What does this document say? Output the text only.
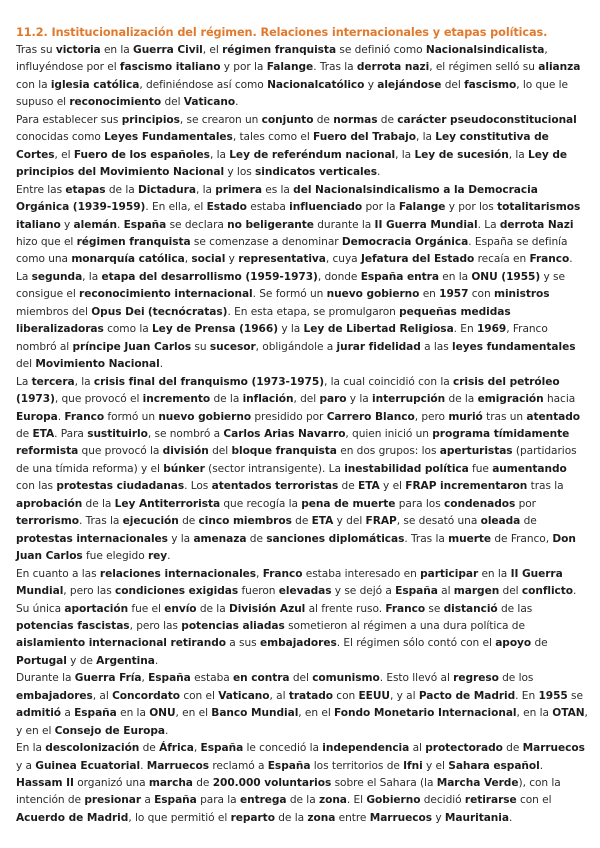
11.2. Institucionalización del régimen. Relaciones internacionales y etapas políticas.

Tras su victoria en la Guerra Civil, el régimen franquista se definió como Nacionalsindicalista, influyéndose por el fascismo italiano y por la Falange. Tras la derrota nazi, el régimen selló su alianza con la iglesia católica, definiéndose así como Nacionalcatólico y alejándose del fascismo, lo que le supuso el reconocimiento del Vaticano.

Para establecer sus principios, se crearon un conjunto de normas de carácter pseudoconstitucional conocidas como Leyes Fundamentales, tales como el Fuero del Trabajo, la Ley constitutiva de Cortes, el Fuero de los españoles, la Ley de referéndum nacional, la Ley de sucesión, la Ley de principios del Movimiento Nacional y los sindicatos verticales.

Entre las etapas de la Dictadura, la primera es la del Nacionalsindicalismo a la Democracia Orgánica (1939-1959). En ella, el Estado estaba influenciado por la Falange y por los totalitarismos italiano y alemán. España se declara no beligerante durante la II Guerra Mundial. La derrota Nazi hizo que el régimen franquista se comenzase a denominar Democracia Orgánica. España se definía como una monarquía católica, social y representativa, cuya Jefatura del Estado recaía en Franco.

La segunda, la etapa del desarrollismo (1959-1973), donde España entra en la ONU (1955) y se consigue el reconocimiento internacional. Se formó un nuevo gobierno en 1957 con ministros miembros del Opus Dei (tecnócratas). En esta etapa, se promulgaron pequeñas medidas liberalizadoras como la Ley de Prensa (1966) y la Ley de Libertad Religiosa. En 1969, Franco nombró al príncipe Juan Carlos su sucesor, obligándole a jurar fidelidad a las leyes fundamentales del Movimiento Nacional.

La tercera, la crisis final del franquismo (1973-1975), la cual coincidió con la crisis del petróleo (1973), que provocó el incremento de la inflación, del paro y la interrupción de la emigración hacia Europa. Franco formó un nuevo gobierno presidido por Carrero Blanco, pero murió tras un atentado de ETA. Para sustituirlo, se nombró a Carlos Arias Navarro, quien inició un programa tímidamente reformista que provocó la división del bloque franquista en dos grupos: los aperturistas (partidarios de una tímida reforma) y el búnker (sector intransigente). La inestabilidad política fue aumentando con las protestas ciudadanas. Los atentados terroristas de ETA y el FRAP incrementaron tras la aprobación de la Ley Antiterrorista que recogía la pena de muerte para los condenados por terrorismo. Tras la ejecución de cinco miembros de ETA y del FRAP, se desató una oleada de protestas internacionales y la amenaza de sanciones diplomáticas. Tras la muerte de Franco, Don Juan Carlos fue elegido rey.

En cuanto a las relaciones internacionales, Franco estaba interesado en participar en la II Guerra Mundial, pero las condiciones exigidas fueron elevadas y se dejó a España al margen del conflicto. Su única aportación fue el envío de la División Azul al frente ruso. Franco se distanció de las potencias fascistas, pero las potencias aliadas sometieron al régimen a una dura política de aislamiento internacional retirando a sus embajadores. El régimen sólo contó con el apoyo de Portugal y de Argentina.

Durante la Guerra Fría, España estaba en contra del comunismo. Esto llevó al regreso de los embajadores, al Concordato con el Vaticano, al tratado con EEUU, y al Pacto de Madrid. En 1955 se admitió a España en la ONU, en el Banco Mundial, en el Fondo Monetario Internacional, en la OTAN, y en el Consejo de Europa.

En la descolonización de África, España le concedió la independencia al protectorado de Marruecos y a Guinea Ecuatorial. Marruecos reclamó a España los territorios de Ifni y el Sahara español. Hassam II organizó una marcha de 200.000 voluntarios sobre el Sahara (la Marcha Verde), con la intención de presionar a España para la entrega de la zona. El Gobierno decidió retirarse con el Acuerdo de Madrid, lo que permitió el reparto de la zona entre Marruecos y Mauritania.
